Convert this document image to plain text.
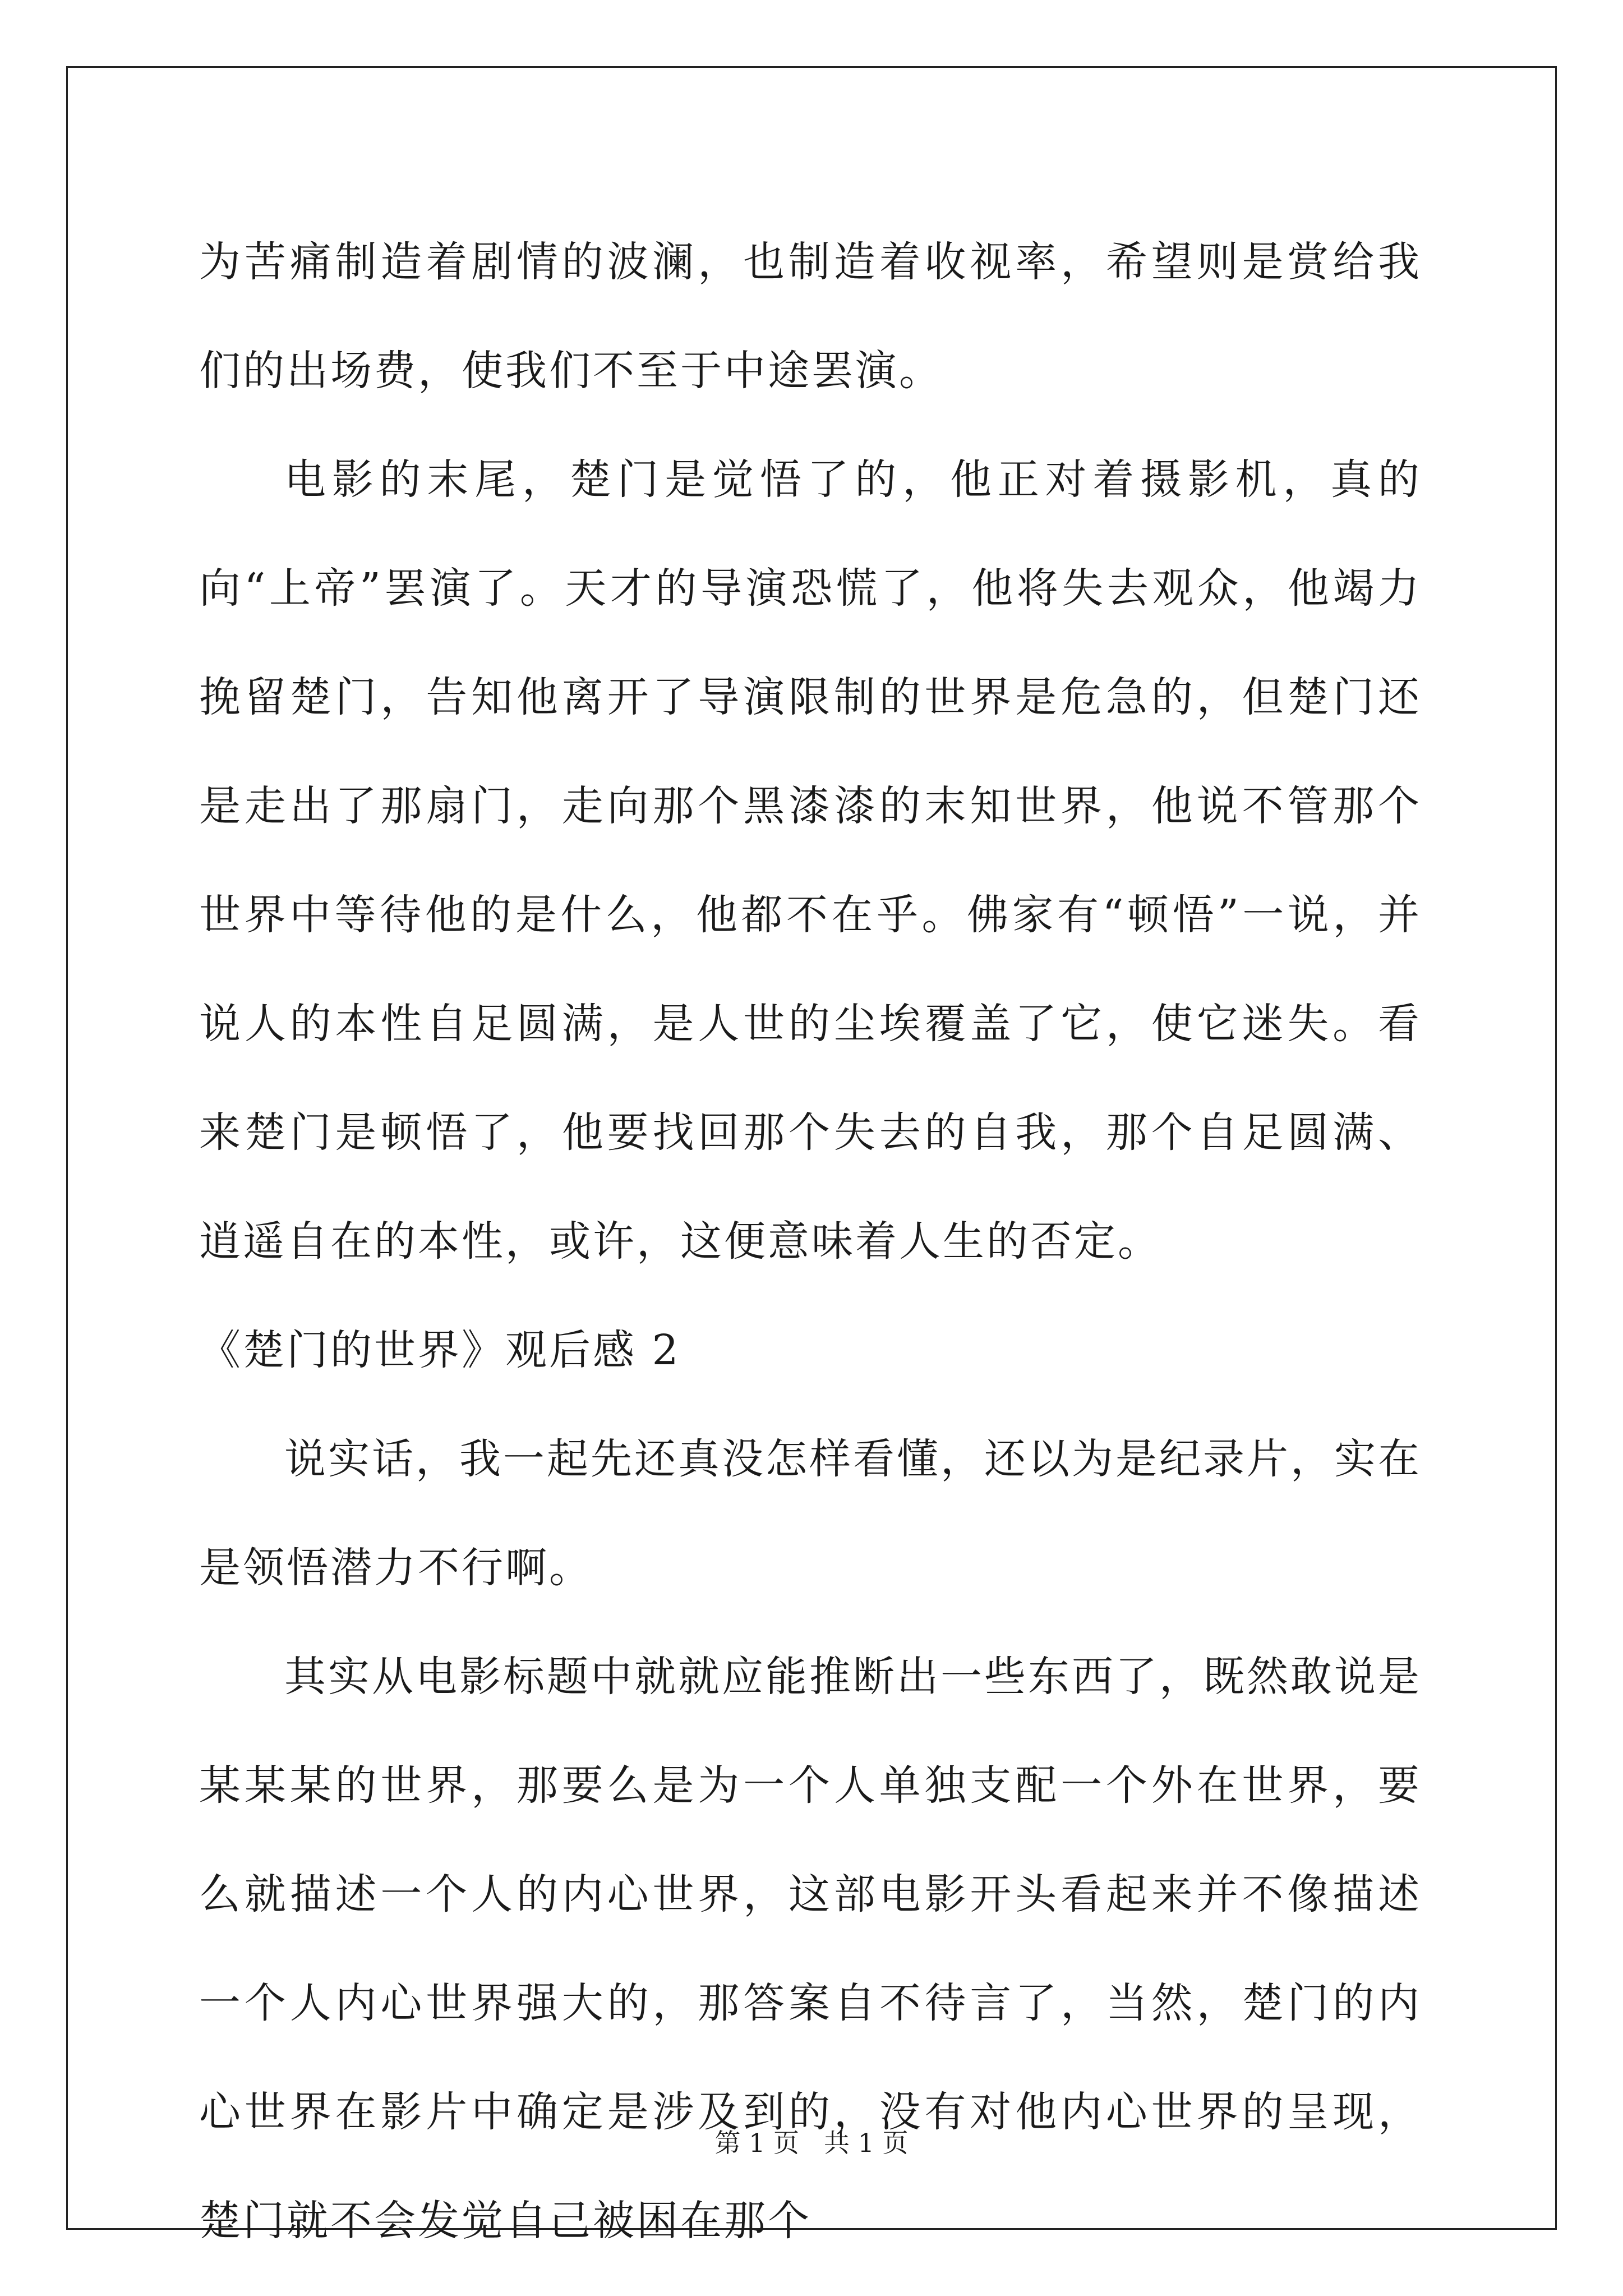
为苦痛制造着剧情的波澜，也制造着收视率，希望则是赏给我们的出场费，使我们不至于中途罢演。

电影的末尾，楚门是觉悟了的，他正对着摄影机，真的向“上帝”罢演了。天才的导演恐慌了，他将失去观众，他竭力挽留楚门，告知他离开了导演限制的世界是危急的，但楚门还是走出了那扇门，走向那个黑漆漆的末知世界，他说不管那个世界中等待他的是什么，他都不在乎。佛家有“顿悟”一说，并说人的本性自足圆满，是人世的尘埃覆盖了它，使它迷失。看来楚门是顿悟了，他要找回那个失去的自我，那个自足圆满、逍遥自在的本性，或许，这便意味着人生的否定。

《楚门的世界》观后感 2

说实话，我一起先还真没怎样看懂，还以为是纪录片，实在是领悟潜力不行啊。

其实从电影标题中就就应能推断出一些东西了，既然敢说是某某某的世界，那要么是为一个人单独支配一个外在世界，要么就描述一个人的内心世界，这部电影开头看起来并不像描述一个人内心世界强大的，那答案自不待言了，当然，楚门的内心世界在影片中确定是涉及到的，没有对他内心世界的呈现，楚门就不会发觉自己被困在那个

第 1 页 共 1 页
